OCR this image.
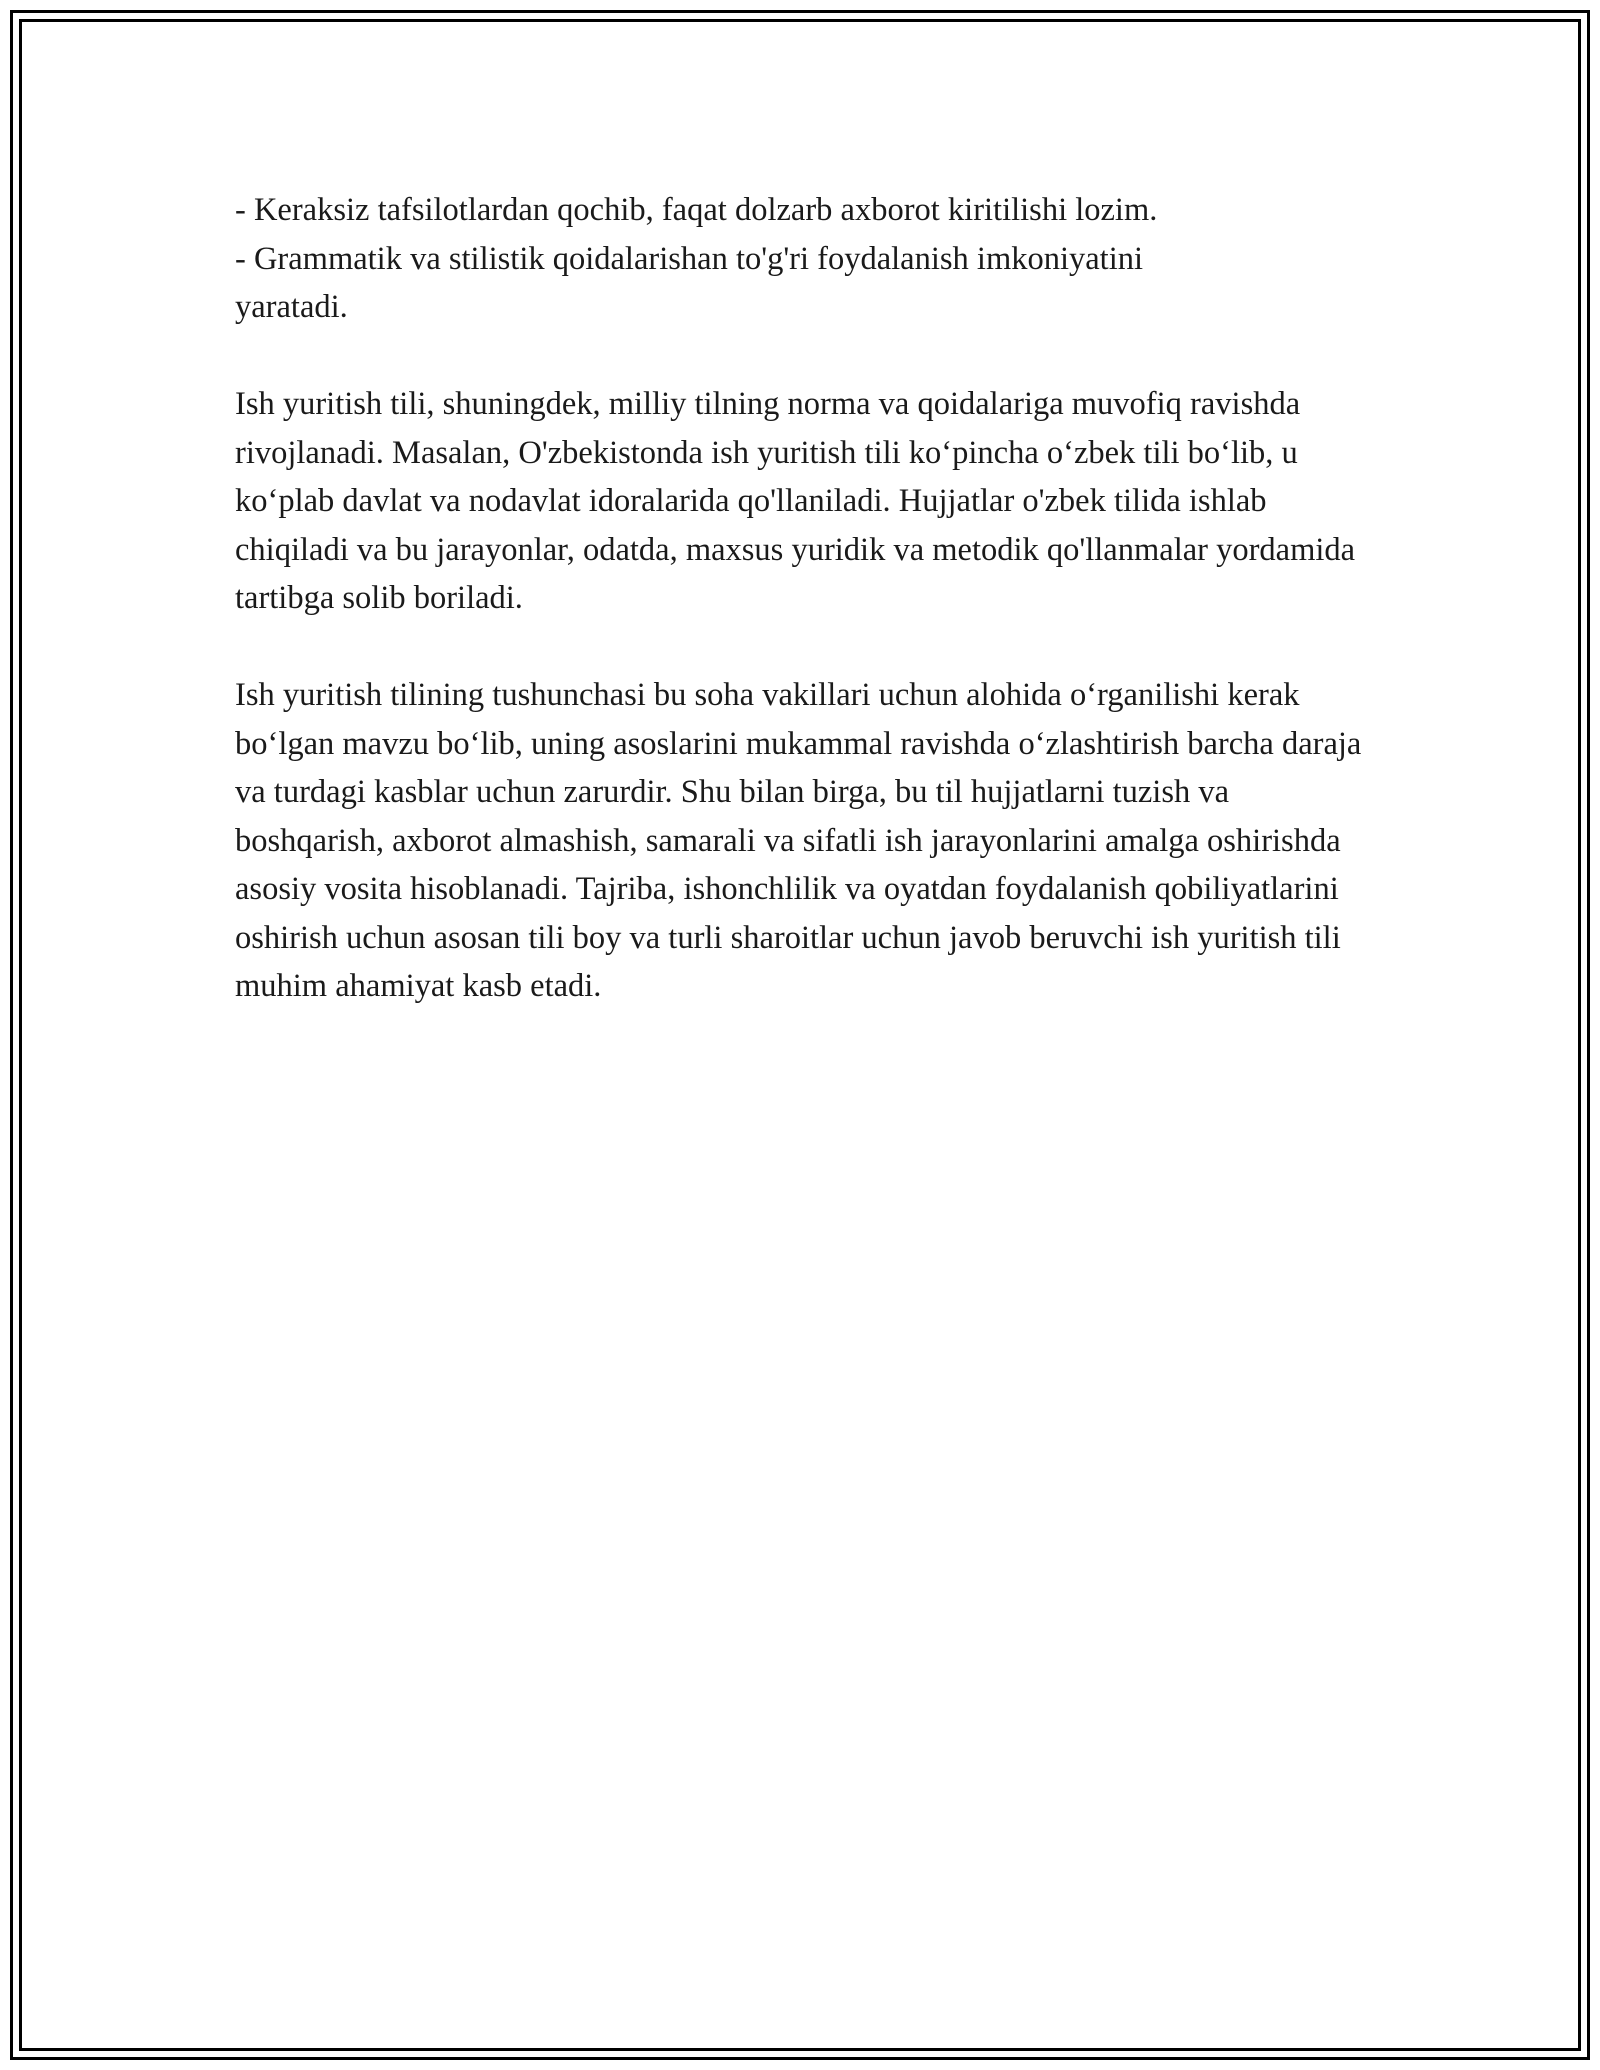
- Keraksiz tafsilotlardan qochib, faqat dolzarb axborot kiritilishi lozim.

- Grammatik va stilistik qoidalarishan to'g'ri foydalanish imkoniyatini
yaratadi.

Ish yuritish tili, shuningdek, milliy tilning norma va qoidalariga muvofiq ravishda rivojlanadi. Masalan, O'zbekistonda ish yuritish tili ko‘pincha o‘zbek tili bo‘lib, u ko‘plab davlat va nodavlat idoralarida qo'llaniladi. Hujjatlar o'zbek tilida ishlab chiqiladi va bu jarayonlar, odatda, maxsus yuridik va metodik qo'llanmalar yordamida tartibga solib boriladi.

Ish yuritish tilining tushunchasi bu soha vakillari uchun alohida o‘rganilishi kerak bo‘lgan mavzu bo‘lib, uning asoslarini mukammal ravishda o‘zlashtirish barcha daraja va turdagi kasblar uchun zarurdir. Shu bilan birga, bu til hujjatlarni tuzish va boshqarish, axborot almashish, samarali va sifatli ish jarayonlarini amalga oshirishda asosiy vosita hisoblanadi. Tajriba, ishonchlilik va oyatdan foydalanish qobiliyatlarini oshirish uchun asosan tili boy va turli sharoitlar uchun javob beruvchi ish yuritish tili muhim ahamiyat kasb etadi.
